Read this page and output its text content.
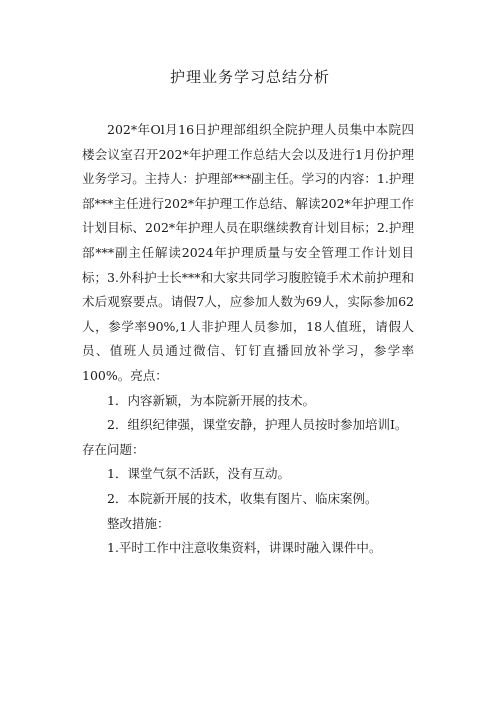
护理业务学习总结分析

202*年Ol月16日护理部组织全院护理人员集中本院四楼会议室召开202*年护理工作总结大会以及进行1月份护理业务学习。主持人：护理部***副主任。学习的内容：1.护理部***主任进行202*年护理工作总结、解读202*年护理工作计划目标、202*年护理人员在职继续教育计划目标；2.护理部***副主任解读2024年护理质量与安全管理工作计划目标；3.外科护士长***和大家共同学习腹腔镜手术术前护理和术后观察要点。请假7人，应参加人数为69人，实际参加62人，参学率90%,1人非护理人员参加，18人值班，请假人员、值班人员通过微信、钉钉直播回放补学习，参学率100%。亮点：

1．内容新颖，为本院新开展的技术。

2．组织纪律强，课堂安静，护理人员按时参加培训I。

存在问题：

1．课堂气氛不活跃，没有互动。

2．本院新开展的技术，收集有图片、临床案例。

整改措施：

1.平时工作中注意收集资料，讲课时融入课件中。
